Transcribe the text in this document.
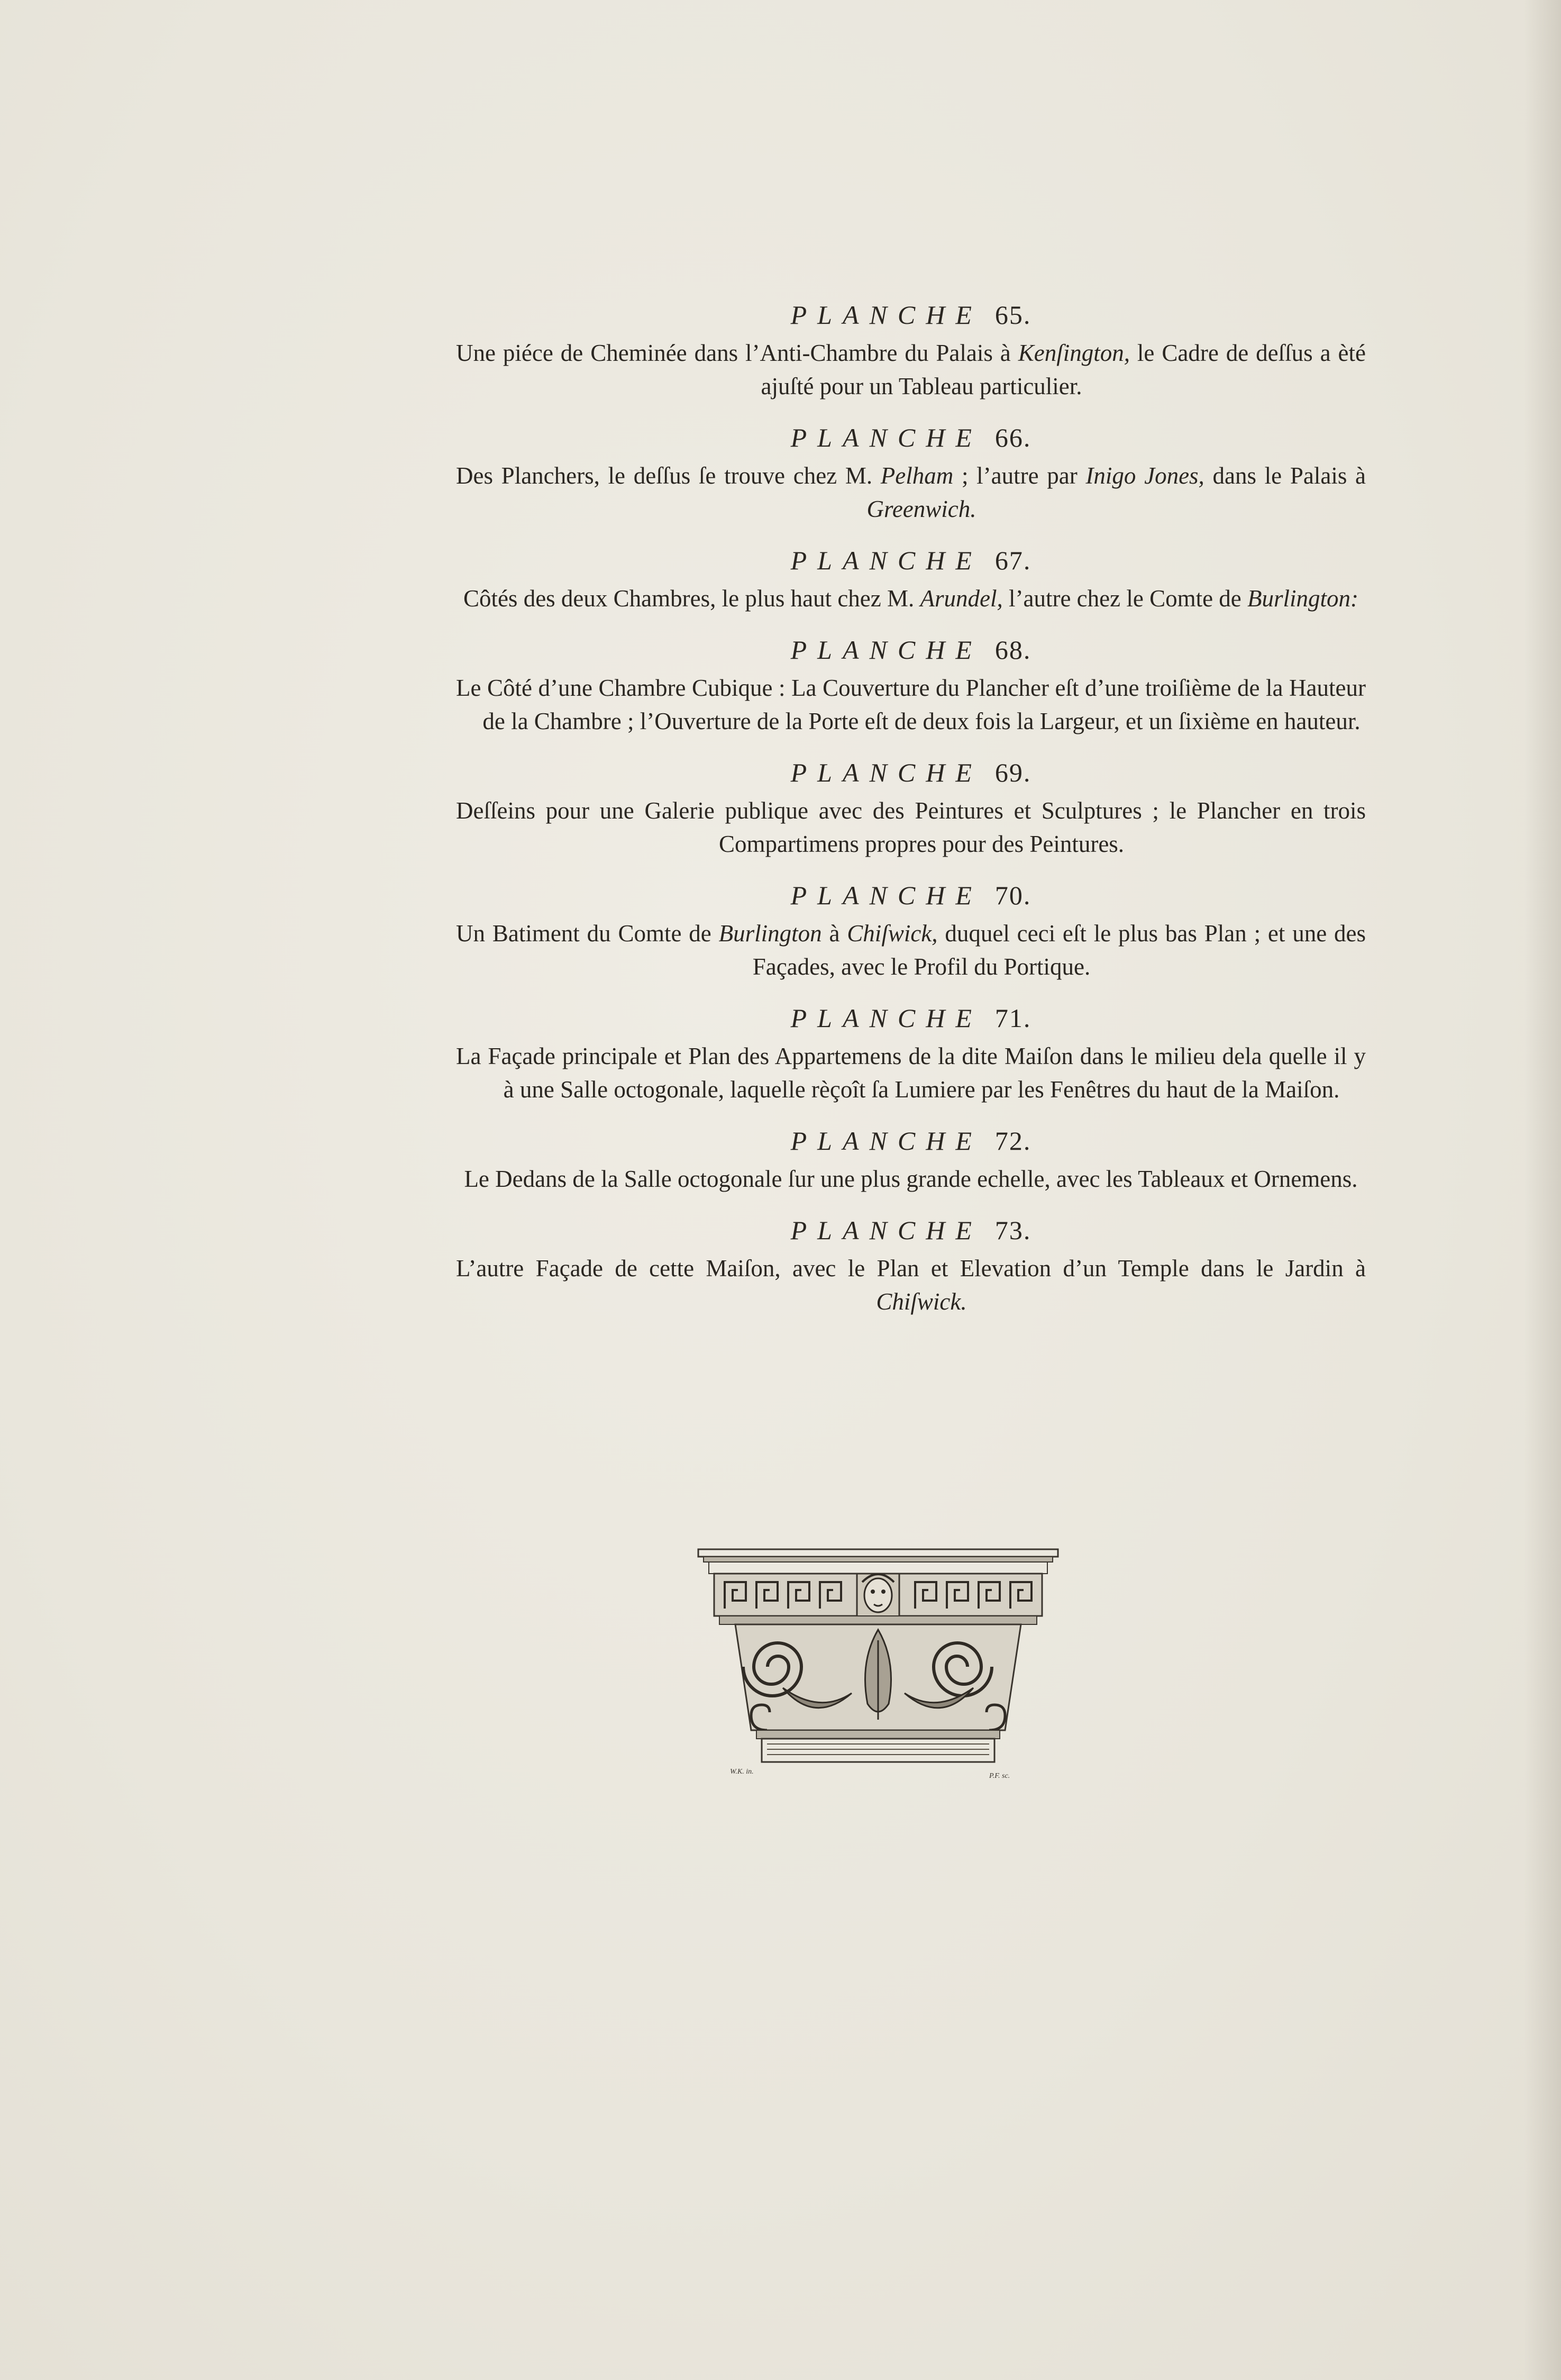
PLANCHE 65.

Une piéce de Cheminée dans l’Anti-Chambre du Palais à Kenſington, le Cadre de deſſus a èté ajuſté pour un Tableau particulier.

PLANCHE 66.

Des Planchers, le deſſus ſe trouve chez M. Pelham ; l’autre par Inigo Jones, dans le Palais à Greenwich.

PLANCHE 67.

Côtés des deux Chambres, le plus haut chez M. Arundel, l’autre chez le Comte de Burlington:

PLANCHE 68.

Le Côté d’une Chambre Cubique : La Couverture du Plancher eſt d’une troiſième de la Hauteur de la Chambre ; l’Ouverture de la Porte eſt de deux fois la Largeur, et un ſixième en hauteur.

PLANCHE 69.

Deſſeins pour une Galerie publique avec des Peintures et Sculptures ; le Plancher en trois Compartimens propres pour des Peintures.

PLANCHE 70.

Un Batiment du Comte de Burlington à Chiſwick, duquel ceci eſt le plus bas Plan ; et une des Façades, avec le Profil du Portique.

PLANCHE 71.

La Façade principale et Plan des Appartemens de la dite Maiſon dans le milieu dela quelle il y à une Salle octogonale, laquelle rèçoît ſa Lumiere par les Fenêtres du haut de la Maiſon.

PLANCHE 72.

Le Dedans de la Salle octogonale ſur une plus grande echelle, avec les Tableaux et Ornemens.

PLANCHE 73.

L’autre Façade de cette Maiſon, avec le Plan et Elevation d’un Temple dans le Jardin à Chiſwick.

W.K. in.
P.F. sc.
